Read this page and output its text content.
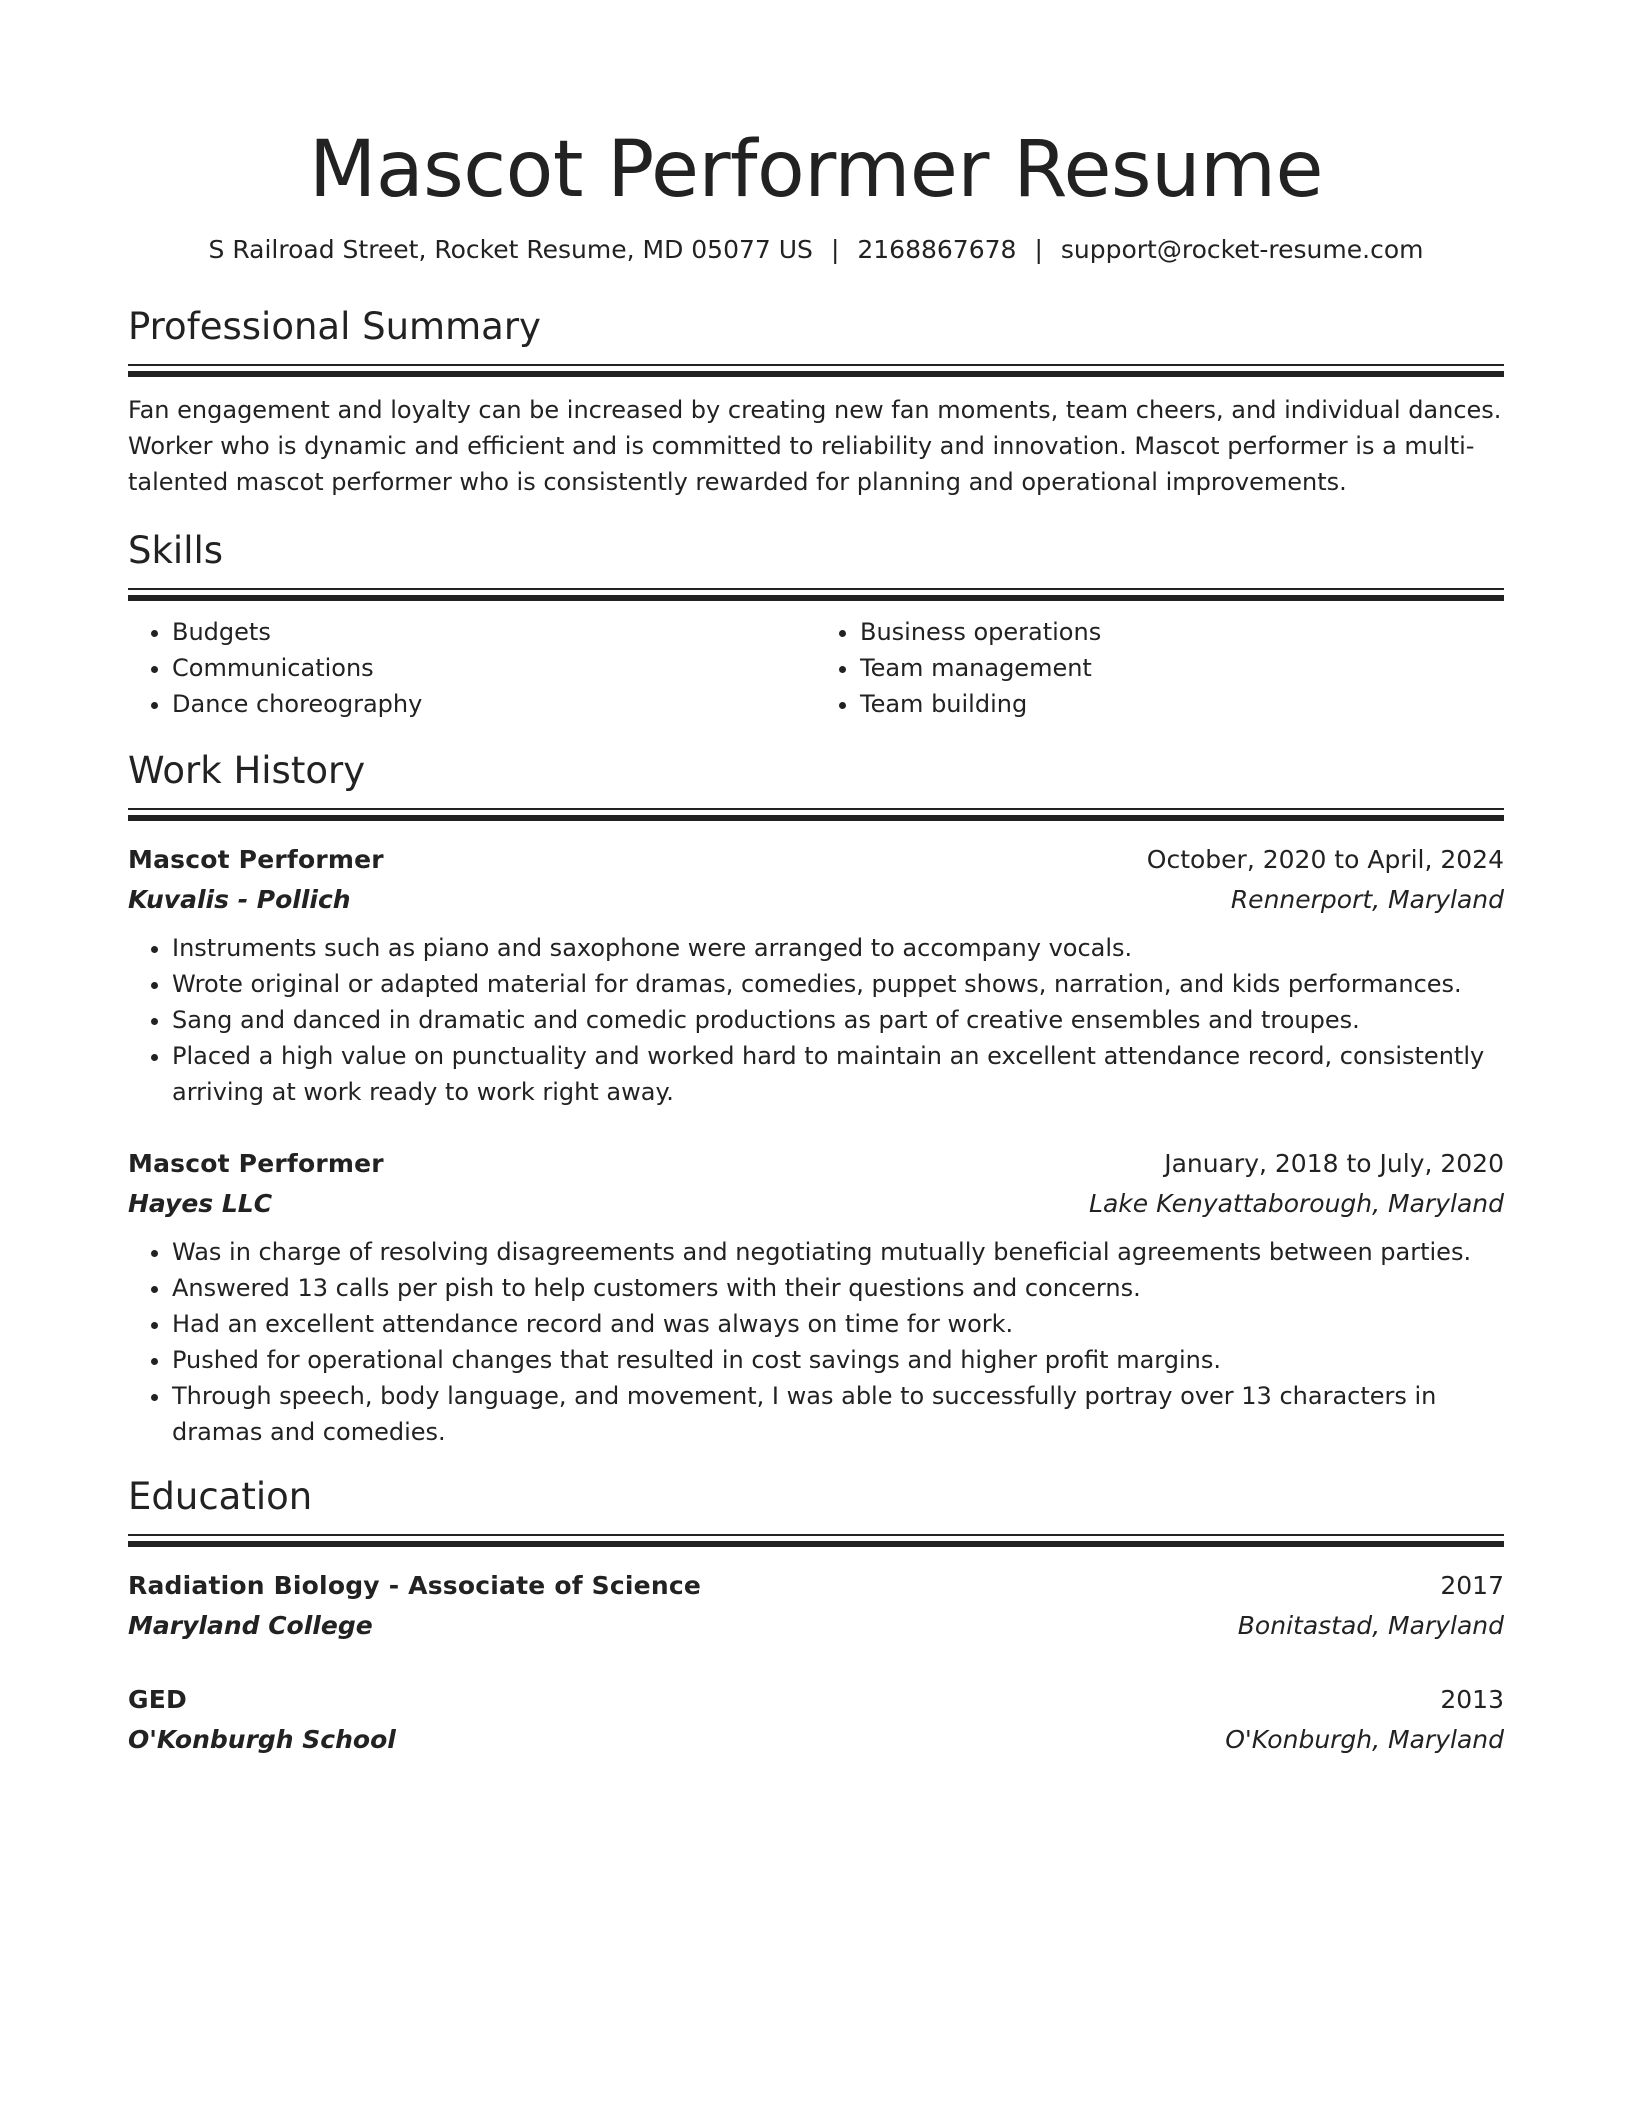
Mascot Performer Resume
S Railroad Street, Rocket Resume, MD 05077 US | 2168867678 | support@rocket-resume.com
Professional Summary
Fan engagement and loyalty can be increased by creating new fan moments, team cheers, and individual dances. Worker who is dynamic and efficient and is committed to reliability and innovation. Mascot performer is a multi-talented mascot performer who is consistently rewarded for planning and operational improvements.
Skills
• Budgets
• Communications
• Dance choreography
• Business operations
• Team management
• Team building
Work History
Mascot Performer	October, 2020 to April, 2024
Kuvalis - Pollich	Rennerport, Maryland
• Instruments such as piano and saxophone were arranged to accompany vocals.
• Wrote original or adapted material for dramas, comedies, puppet shows, narration, and kids performances.
• Sang and danced in dramatic and comedic productions as part of creative ensembles and troupes.
• Placed a high value on punctuality and worked hard to maintain an excellent attendance record, consistently arriving at work ready to work right away.
Mascot Performer	January, 2018 to July, 2020
Hayes LLC	Lake Kenyattaborough, Maryland
• Was in charge of resolving disagreements and negotiating mutually beneficial agreements between parties.
• Answered 13 calls per pish to help customers with their questions and concerns.
• Had an excellent attendance record and was always on time for work.
• Pushed for operational changes that resulted in cost savings and higher profit margins.
• Through speech, body language, and movement, I was able to successfully portray over 13 characters in dramas and comedies.
Education
Radiation Biology - Associate of Science	2017
Maryland College	Bonitastad, Maryland
GED	2013
O'Konburgh School	O'Konburgh, Maryland
